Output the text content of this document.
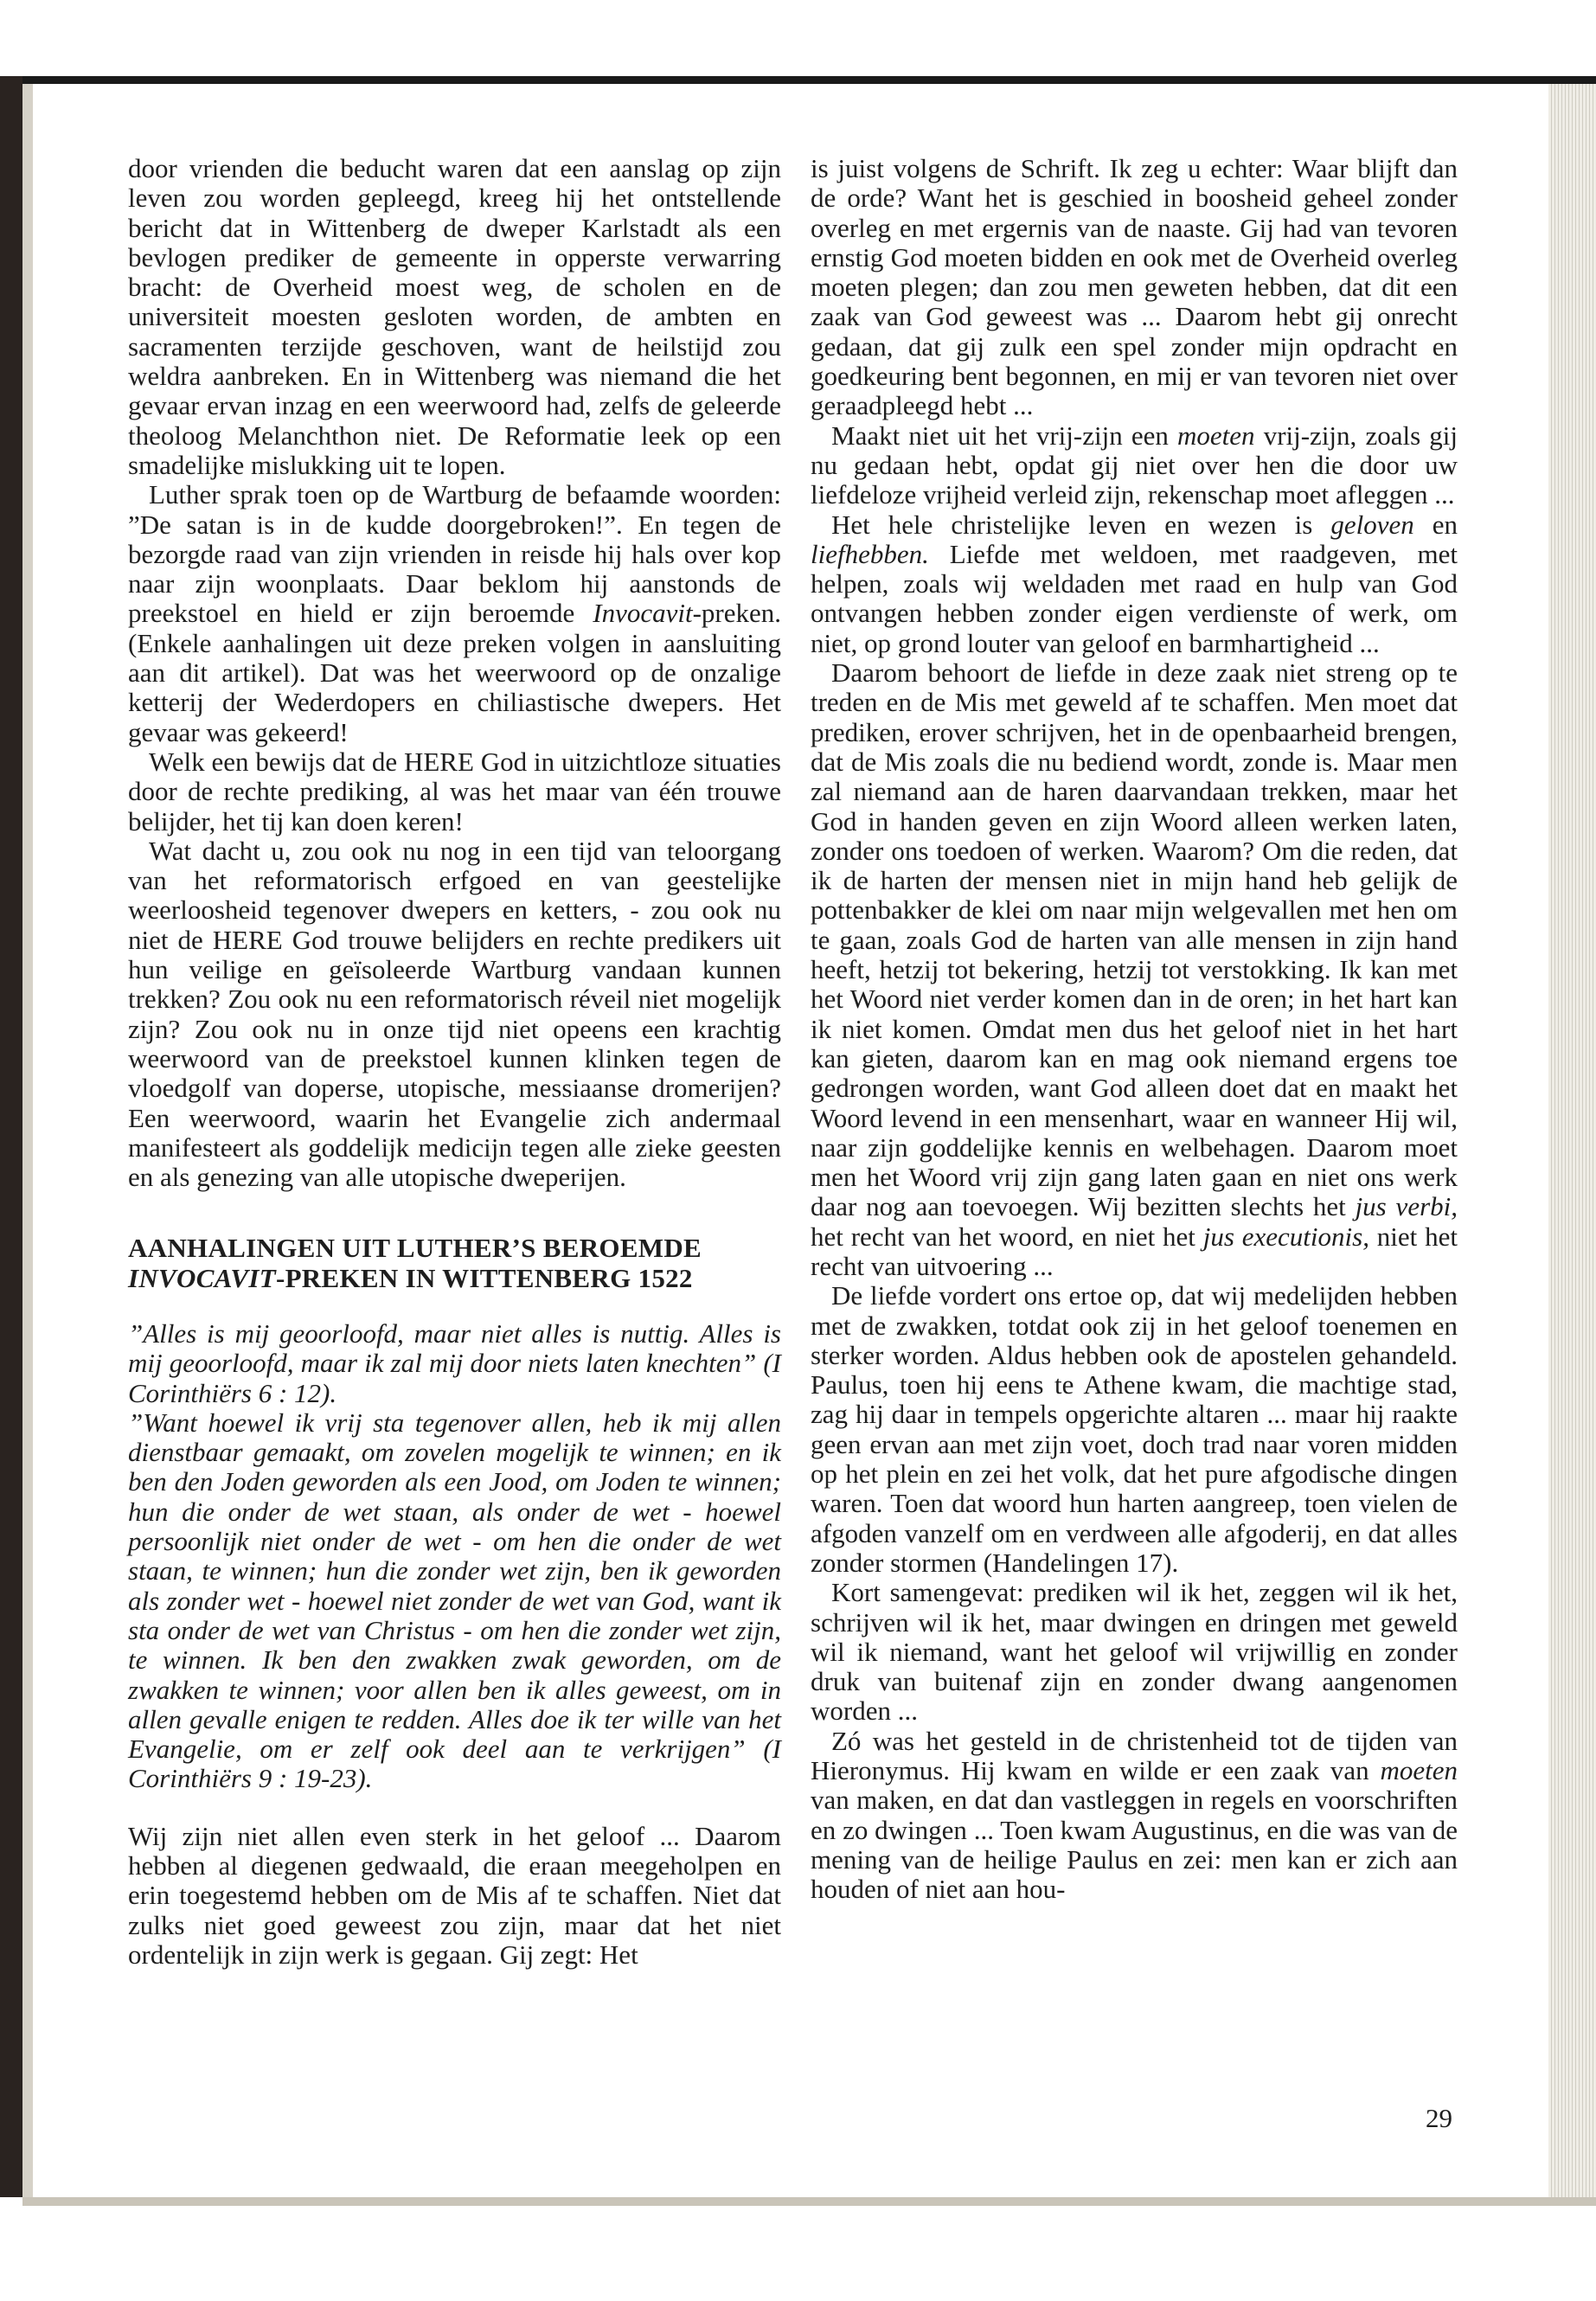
door vrienden die beducht waren dat een aanslag op zijn leven zou worden gepleegd, kreeg hij het ontstellende bericht dat in Wittenberg de dweper Karlstadt als een bevlogen prediker de gemeente in opperste verwarring bracht: de Overheid moest weg, de scholen en de universiteit moesten gesloten worden, de ambten en sacramenten terzijde geschoven, want de heilstijd zou weldra aanbreken. En in Wittenberg was niemand die het gevaar ervan inzag en een weerwoord had, zelfs de geleerde theoloog Melanchthon niet. De Reformatie leek op een smadelijke mislukking uit te lopen.

Luther sprak toen op de Wartburg de befaamde woorden: ”De satan is in de kudde doorgebroken!”. En tegen de bezorgde raad van zijn vrienden in reisde hij hals over kop naar zijn woonplaats. Daar beklom hij aanstonds de preekstoel en hield er zijn beroemde Invocavit-preken. (Enkele aanhalingen uit deze preken volgen in aansluiting aan dit artikel). Dat was het weerwoord op de onzalige ketterij der Wederdopers en chiliastische dwepers. Het gevaar was gekeerd!

Welk een bewijs dat de HERE God in uitzichtloze situaties door de rechte prediking, al was het maar van één trouwe belijder, het tij kan doen keren!

Wat dacht u, zou ook nu nog in een tijd van teloorgang van het reformatorisch erfgoed en van geestelijke weerloosheid tegenover dwepers en ketters, - zou ook nu niet de HERE God trouwe belijders en rechte predikers uit hun veilige en geïsoleerde Wartburg vandaan kunnen trekken? Zou ook nu een reformatorisch réveil niet mogelijk zijn? Zou ook nu in onze tijd niet opeens een krachtig weerwoord van de preekstoel kunnen klinken tegen de vloedgolf van doperse, utopische, messiaanse dromerijen? Een weerwoord, waarin het Evangelie zich andermaal manifesteert als goddelijk medicijn tegen alle zieke geesten en als genezing van alle utopische dweperijen.

AANHALINGEN UIT LUTHER’S BEROEMDE
INVOCAVIT-PREKEN IN WITTENBERG 1522

”Alles is mij geoorloofd, maar niet alles is nuttig. Alles is mij geoorloofd, maar ik zal mij door niets laten knechten” (I Corinthiërs 6 : 12).

”Want hoewel ik vrij sta tegenover allen, heb ik mij allen dienstbaar gemaakt, om zovelen mogelijk te winnen; en ik ben den Joden geworden als een Jood, om Joden te winnen; hun die onder de wet staan, als onder de wet - hoewel persoonlijk niet onder de wet - om hen die onder de wet staan, te winnen; hun die zonder wet zijn, ben ik geworden als zonder wet - hoewel niet zonder de wet van God, want ik sta onder de wet van Christus - om hen die zonder wet zijn, te winnen. Ik ben den zwakken zwak geworden, om de zwakken te winnen; voor allen ben ik alles geweest, om in allen gevalle enigen te redden. Alles doe ik ter wille van het Evangelie, om er zelf ook deel aan te verkrijgen” (I Corinthiërs 9 : 19-23).

Wij zijn niet allen even sterk in het geloof ... Daarom hebben al diegenen gedwaald, die eraan meegeholpen en erin toegestemd hebben om de Mis af te schaffen. Niet dat zulks niet goed geweest zou zijn, maar dat het niet ordentelijk in zijn werk is gegaan. Gij zegt: Het

is juist volgens de Schrift. Ik zeg u echter: Waar blijft dan de orde? Want het is geschied in boosheid geheel zonder overleg en met ergernis van de naaste. Gij had van tevoren ernstig God moeten bidden en ook met de Overheid overleg moeten plegen; dan zou men geweten hebben, dat dit een zaak van God geweest was ... Daarom hebt gij onrecht gedaan, dat gij zulk een spel zonder mijn opdracht en goedkeuring bent begonnen, en mij er van tevoren niet over geraadpleegd hebt ...

Maakt niet uit het vrij-zijn een moeten vrij-zijn, zoals gij nu gedaan hebt, opdat gij niet over hen die door uw liefdeloze vrijheid verleid zijn, rekenschap moet afleggen ...

Het hele christelijke leven en wezen is geloven en liefhebben. Liefde met weldoen, met raadgeven, met helpen, zoals wij weldaden met raad en hulp van God ontvangen hebben zonder eigen verdienste of werk, om niet, op grond louter van geloof en barmhartigheid ...

Daarom behoort de liefde in deze zaak niet streng op te treden en de Mis met geweld af te schaffen. Men moet dat prediken, erover schrijven, het in de openbaarheid brengen, dat de Mis zoals die nu bediend wordt, zonde is. Maar men zal niemand aan de haren daarvandaan trekken, maar het God in handen geven en zijn Woord alleen werken laten, zonder ons toedoen of werken. Waarom? Om die reden, dat ik de harten der mensen niet in mijn hand heb gelijk de pottenbakker de klei om naar mijn welgevallen met hen om te gaan, zoals God de harten van alle mensen in zijn hand heeft, hetzij tot bekering, hetzij tot verstokking. Ik kan met het Woord niet verder komen dan in de oren; in het hart kan ik niet komen. Omdat men dus het geloof niet in het hart kan gieten, daarom kan en mag ook niemand ergens toe gedrongen worden, want God alleen doet dat en maakt het Woord levend in een mensenhart, waar en wanneer Hij wil, naar zijn goddelijke kennis en welbehagen. Daarom moet men het Woord vrij zijn gang laten gaan en niet ons werk daar nog aan toevoegen. Wij bezitten slechts het jus verbi, het recht van het woord, en niet het jus executionis, niet het recht van uitvoering ...

De liefde vordert ons ertoe op, dat wij medelijden hebben met de zwakken, totdat ook zij in het geloof toenemen en sterker worden. Aldus hebben ook de apostelen gehandeld. Paulus, toen hij eens te Athene kwam, die machtige stad, zag hij daar in tempels opgerichte altaren ... maar hij raakte geen ervan aan met zijn voet, doch trad naar voren midden op het plein en zei het volk, dat het pure afgodische dingen waren. Toen dat woord hun harten aangreep, toen vielen de afgoden vanzelf om en verdween alle afgoderij, en dat alles zonder stormen (Handelingen 17).

Kort samengevat: prediken wil ik het, zeggen wil ik het, schrijven wil ik het, maar dwingen en dringen met geweld wil ik niemand, want het geloof wil vrijwillig en zonder druk van buitenaf zijn en zonder dwang aangenomen worden ...

Zó was het gesteld in de christenheid tot de tijden van Hieronymus. Hij kwam en wilde er een zaak van moeten van maken, en dat dan vastleggen in regels en voorschriften en zo dwingen ... Toen kwam Augustinus, en die was van de mening van de heilige Paulus en zei: men kan er zich aan houden of niet aan hou-

29
